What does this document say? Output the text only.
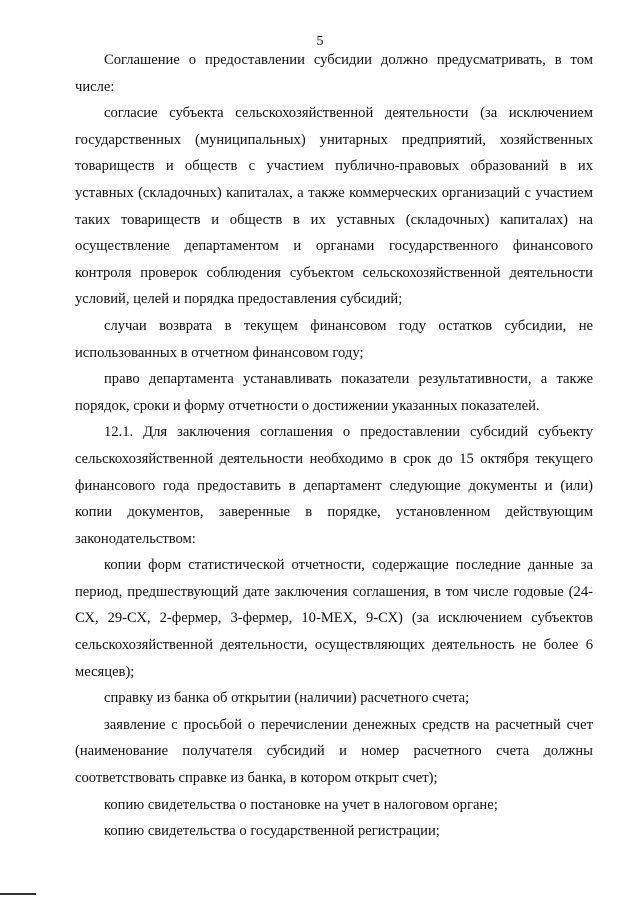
5

Соглашение о предоставлении субсидии должно предусматривать, в том числе:

согласие субъекта сельскохозяйственной деятельности (за исключением государственных (муниципальных) унитарных предприятий, хозяйственных товариществ и обществ с участием публично-правовых образований в их уставных (складочных) капиталах, а также коммерческих организаций с участием таких товариществ и обществ в их уставных (складочных) капиталах) на осуществление департаментом и органами государственного финансового контроля проверок соблюдения субъектом сельскохозяйственной деятельности условий, целей и порядка предоставления субсидий;

случаи возврата в текущем финансовом году остатков субсидии, не использованных в отчетном финансовом году;

право департамента устанавливать показатели результативности, а также порядок, сроки и форму отчетности о достижении указанных показателей.

12.1. Для заключения соглашения о предоставлении субсидий субъекту сельскохозяйственной деятельности необходимо в срок до 15 октября текущего финансового года предоставить в департамент следующие документы и (или) копии документов, заверенные в порядке, установленном действующим законодательством:

копии форм статистической отчетности, содержащие последние данные за период, предшествующий дате заключения соглашения, в том числе годовые (24-СХ, 29-СХ, 2-фермер, 3-фермер, 10-МЕХ, 9-СХ) (за исключением субъектов сельскохозяйственной деятельности, осуществляющих деятельность не более 6 месяцев);

справку из банка об открытии (наличии) расчетного счета;

заявление с просьбой о перечислении денежных средств на расчетный счет (наименование получателя субсидий и номер расчетного счета должны соответствовать справке из банка, в котором открыт счет);

копию свидетельства о постановке на учет в налоговом органе;

копию свидетельства о государственной регистрации;
